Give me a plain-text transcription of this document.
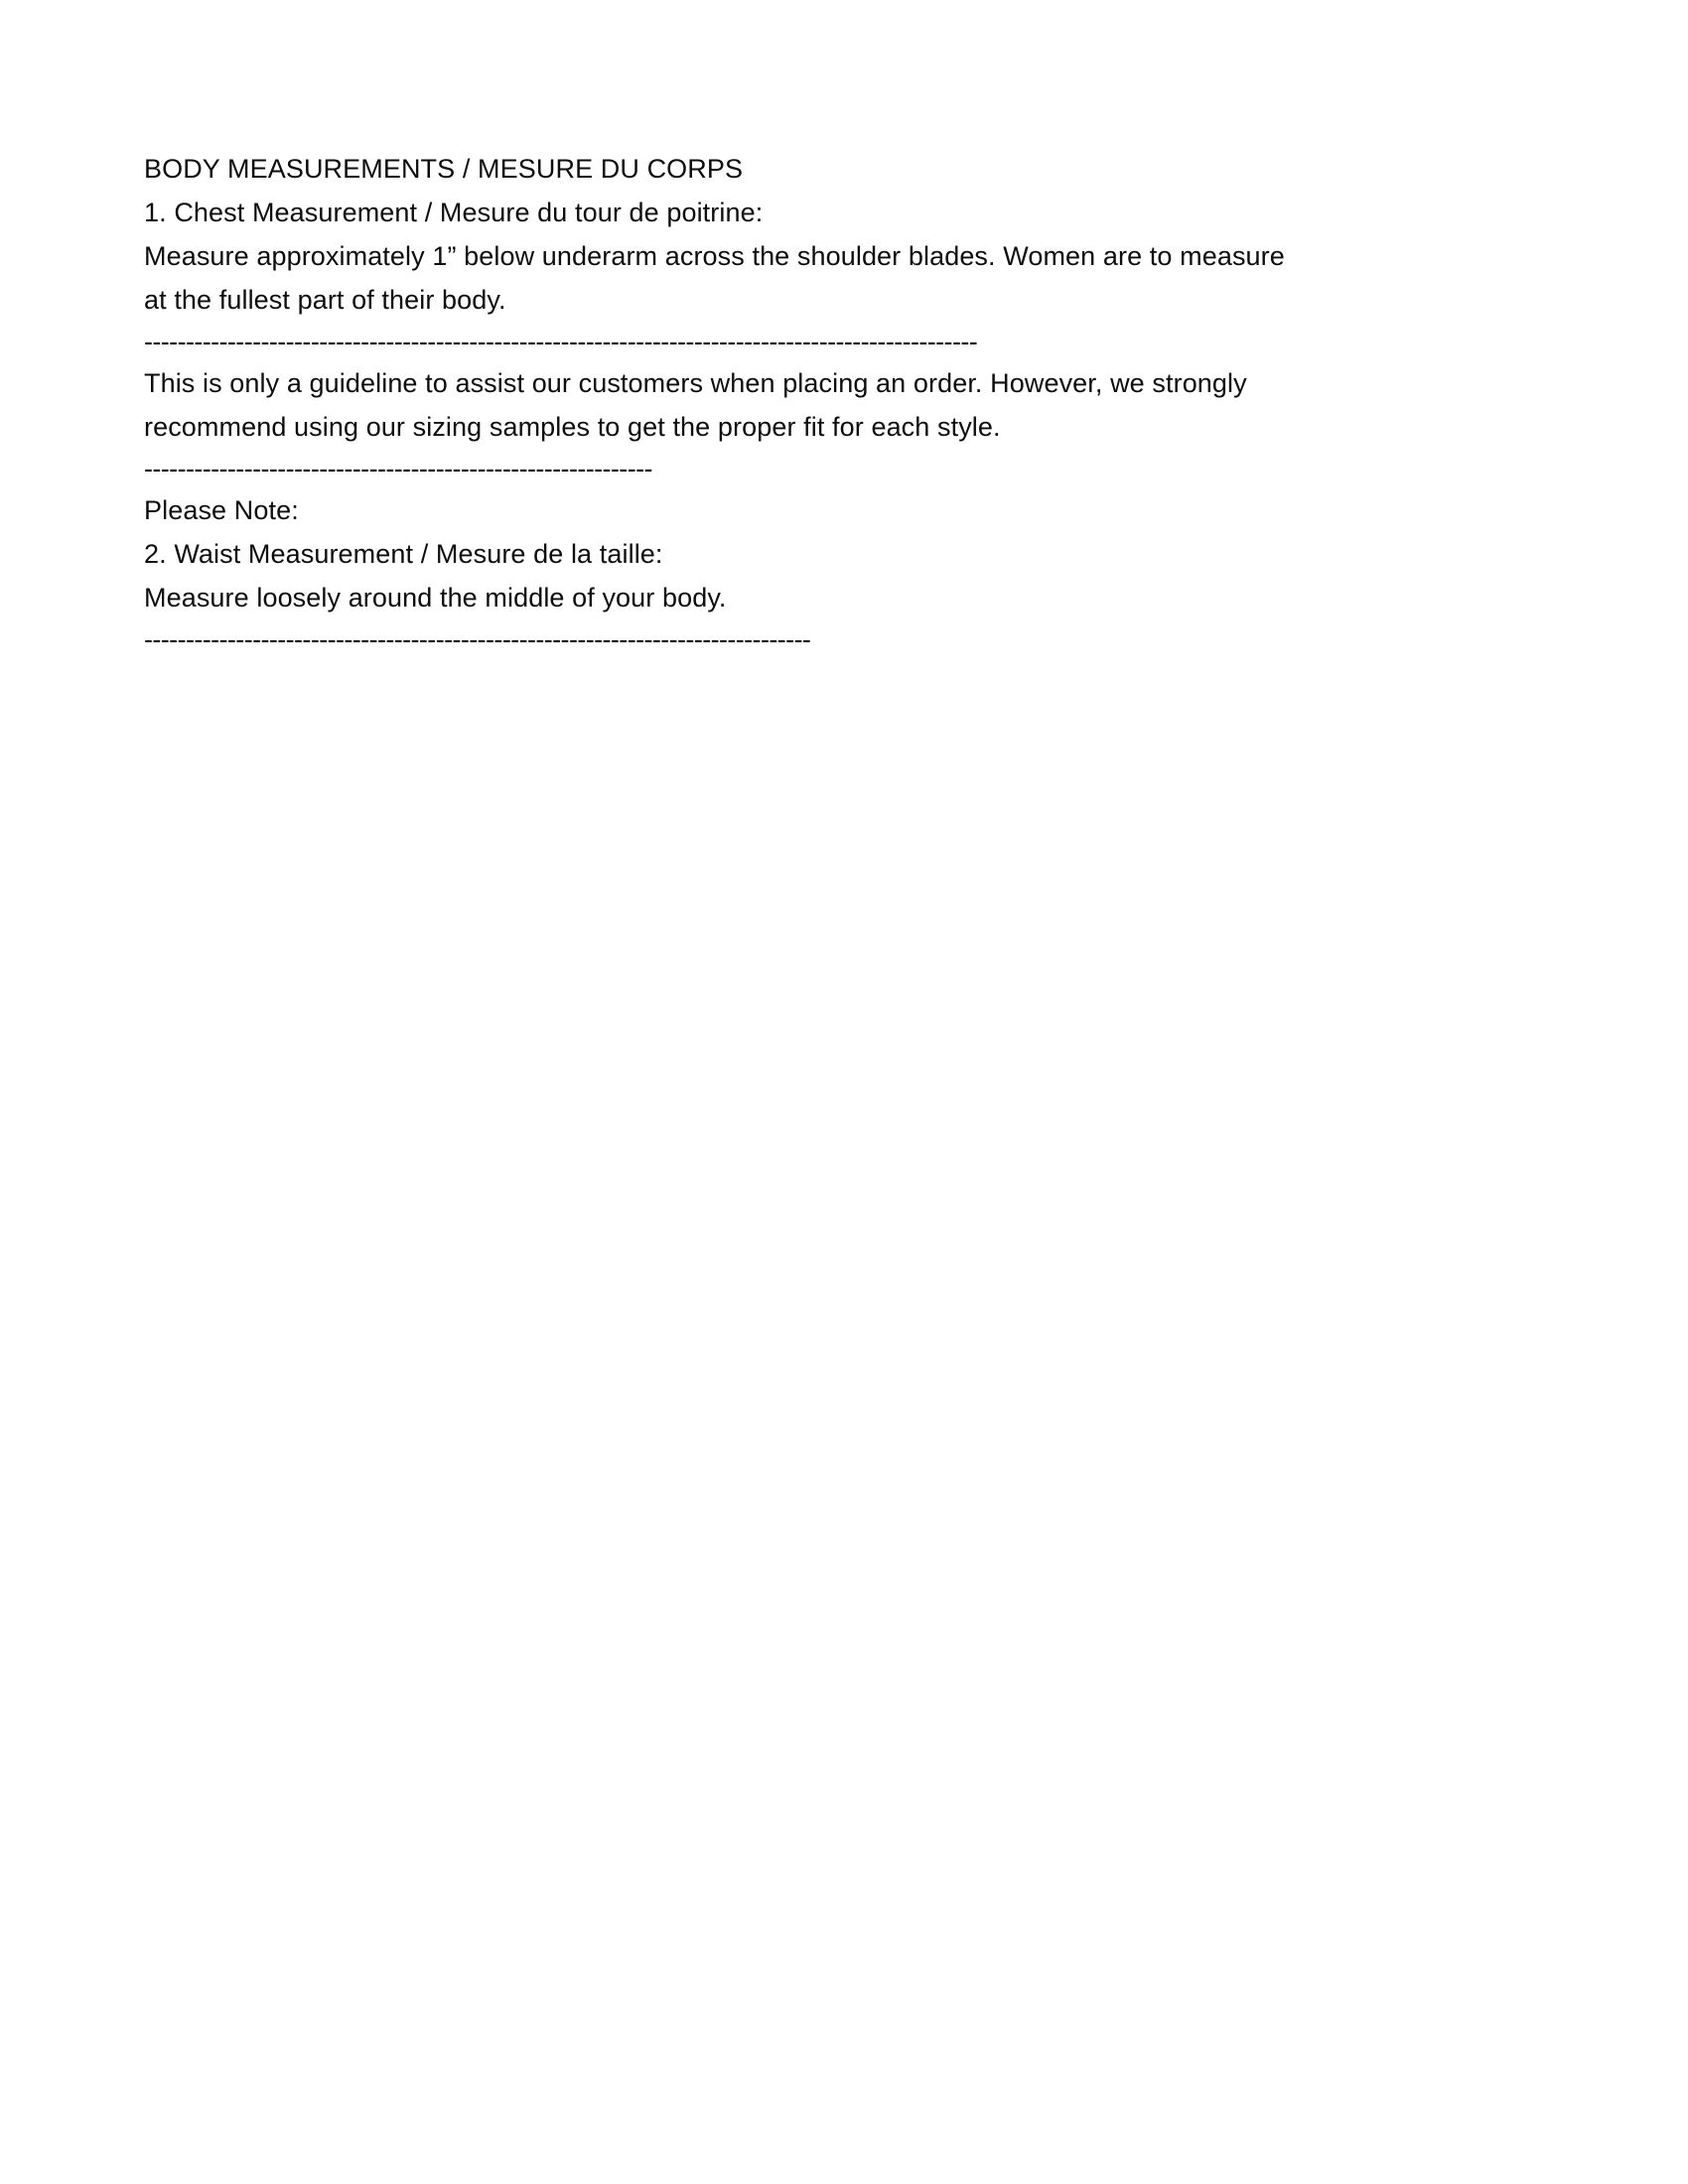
BODY MEASUREMENTS / MESURE DU CORPS
1. Chest Measurement / Mesure du tour de poitrine:
Measure approximately 1” below underarm across the shoulder blades. Women are to measure at the fullest part of their body.
----------------------------------------------------------------------------------------------------
This is only a guideline to assist our customers when placing an order. However, we strongly recommend using our sizing samples to get the proper fit for each style.
-------------------------------------------------------------
Please Note:
2. Waist Measurement / Mesure de la taille:
Measure loosely around the middle of your body.
--------------------------------------------------------------------------------
